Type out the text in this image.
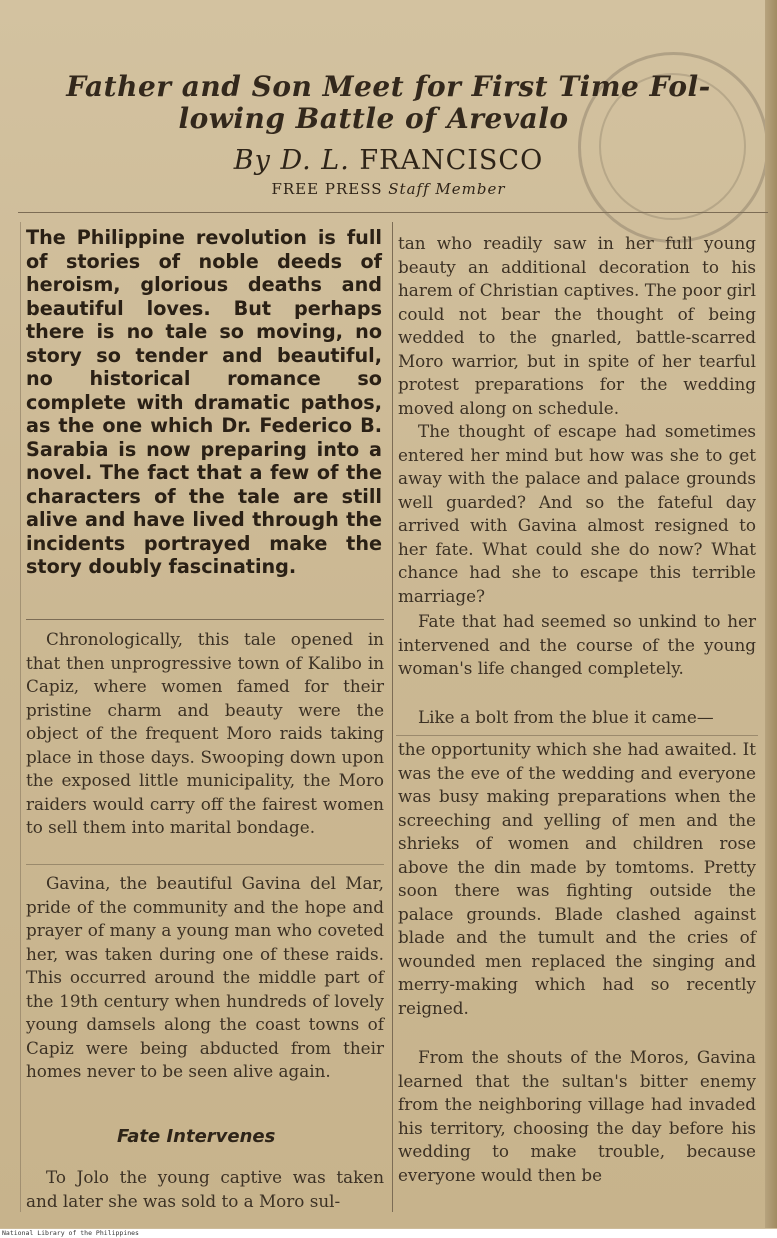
Father and Son Meet for First Time Fol-
lowing Battle of Arevalo
By D. L. FRANCISCO
FREE PRESS Staff Member

The Philippine revolution is full of stories of noble deeds of heroism, glorious deaths and beautiful loves. But perhaps there is no tale so moving, no story so tender and beautiful, no historical romance so complete with dramatic pathos, as the one which Dr. Federico B. Sarabia is now preparing into a novel. The fact that a few of the characters of the tale are still alive and have lived through the incidents portrayed make the story doubly fascinating.

Chronologically, this tale opened in that then unprogressive town of Kalibo in Capiz, where women famed for their pristine charm and beauty were the object of the frequent Moro raids taking place in those days. Swooping down upon the exposed little municipality, the Moro raiders would carry off the fairest women to sell them into marital bondage.

Gavina, the beautiful Gavina del Mar, pride of the community and the hope and prayer of many a young man who coveted her, was taken during one of these raids. This occurred around the middle part of the 19th century when hundreds of lovely young damsels along the coast towns of Capiz were being abducted from their homes never to be seen alive again.

Fate Intervenes

To Jolo the young captive was taken and later she was sold to a Moro sul-

tan who readily saw in her full young beauty an additional decoration to his harem of Christian captives. The poor girl could not bear the thought of being wedded to the gnarled, battle-scarred Moro warrior, but in spite of her tearful protest preparations for the wedding moved along on schedule.

The thought of escape had sometimes entered her mind but how was she to get away with the palace and palace grounds well guarded? And so the fateful day arrived with Gavina almost resigned to her fate. What could she do now? What chance had she to escape this terrible marriage?

Fate that had seemed so unkind to her intervened and the course of the young woman's life changed completely.

Like a bolt from the blue it came—

the opportunity which she had awaited. It was the eve of the wedding and everyone was busy making preparations when the screeching and yelling of men and the shrieks of women and children rose above the din made by tomtoms. Pretty soon there was fighting outside the palace grounds. Blade clashed against blade and the tumult and the cries of wounded men replaced the singing and merry-making which had so recently reigned.

From the shouts of the Moros, Gavina learned that the sultan's bitter enemy from the neighboring village had invaded his territory, choosing the day before his wedding to make trouble, because everyone would then be

National Library of the Philippines
